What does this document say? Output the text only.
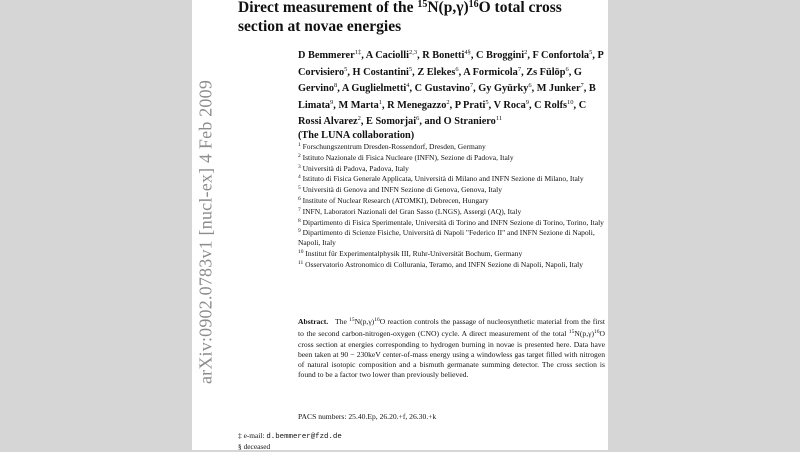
arXiv:0902.0783v1 [nucl-ex] 4 Feb 2009
Direct measurement of the $^{15}N(p,\gamma)^{16}O$ total cross section at novae energies
D Bemmerer$^{1\ddagger}$, A Caciolli$^{2,3}$, R Bonetti$^{4\S}$, C Broggini$^2$, F Confortola$^5$, P Corvisiero$^5$, H Costantini$^5$, Z Elekes$^6$, A Formicola$^7$, Zs Fülöp$^6$, G Gervino$^8$, A Guglielmetti$^4$, C Gustavino$^7$, Gy Gyürky$^6$, M Junker$^7$, B Limata$^9$, M Marta$^1$, R Menegazzo$^2$, P Prati$^5$, V Roca$^9$, C Rolfs$^{10}$, C Rossi Alvarez$^2$, E Somorjai$^6$, and O Straniero$^{11}$
(The LUNA collaboration)
$^1$ Forschungszentrum Dresden-Rossendorf, Dresden, Germany
$^2$ Istituto Nazionale di Fisica Nucleare (INFN), Sezione di Padova, Italy
$^3$ Università di Padova, Padova, Italy
$^4$ Istituto di Fisica Generale Applicata, Università di Milano and INFN Sezione di Milano, Italy
$^5$ Università di Genova and INFN Sezione di Genova, Genova, Italy
$^6$ Institute of Nuclear Research (ATOMKI), Debrecen, Hungary
$^7$ INFN, Laboratori Nazionali del Gran Sasso (LNGS), Assergi (AQ), Italy
$^8$ Dipartimento di Fisica Sperimentale, Università di Torino and INFN Sezione di Torino, Torino, Italy
$^9$ Dipartimento di Scienze Fisiche, Università di Napoli "Federico II" and INFN Sezione di Napoli, Napoli, Italy
$^{10}$ Institut für Experimentalphysik III, Ruhr-Universität Bochum, Germany
$^{11}$ Osservatorio Astronomico di Collurania, Teramo, and INFN Sezione di Napoli, Napoli, Italy
Abstract. The $^{15}N(p,\gamma)^{16}O$ reaction controls the passage of nucleosynthetic material from the first to the second carbon-nitrogen-oxygen (CNO) cycle. A direct measurement of the total $^{15}N(p,\gamma)^{16}O$ cross section at energies corresponding to hydrogen burning in novae is presented here. Data have been taken at 90 − 230keV center-of-mass energy using a windowless gas target filled with nitrogen of natural isotopic composition and a bismuth germanate summing detector. The cross section is found to be a factor two lower than previously believed.
PACS numbers: 25.40.Ep, 26.20.+f, 26.30.+k
‡ e-mail: d.bemmerer@fzd.de
§ deceased
